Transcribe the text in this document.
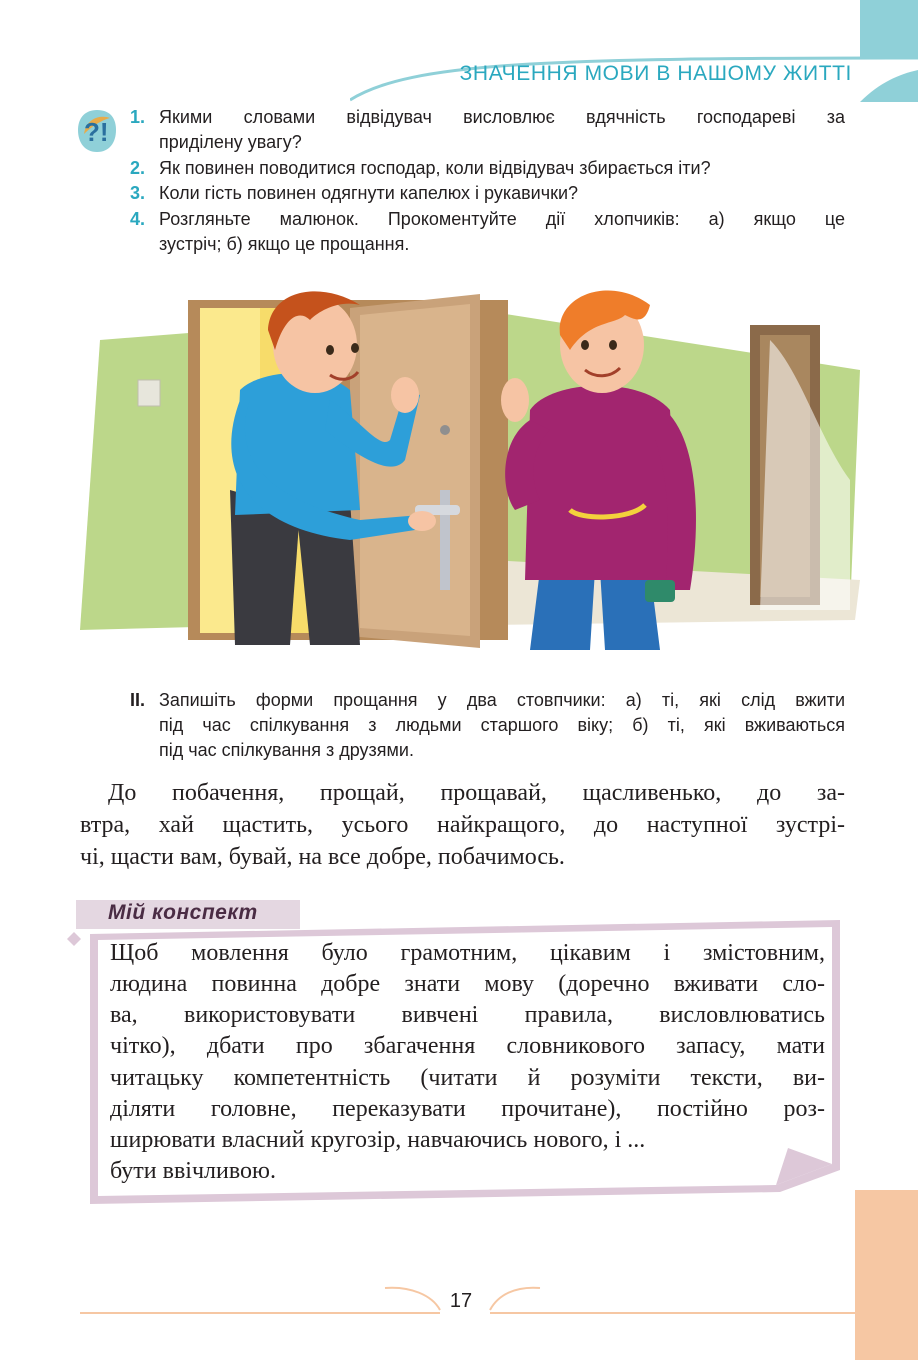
ЗНАЧЕННЯ МОВИ В НАШОМУ ЖИТТІ
?! 1. Якими словами відвідувач висловлює вдячність господареві за
приділену увагу?
2. Як повинен поводитися господар, коли відвідувач збирається іти?
3. Коли гість повинен одягнути капелюх і рукавички?
4. Розгляньте малюнок. Прокоментуйте дії хлопчиків: а) якщо це
зустріч; б) якщо це прощання.
II. Запишіть форми прощання у два стовпчики: а) ті, які слід вжити
під час спілкування з людьми старшого віку; б) ті, які вживаються
під час спілкування з друзями.
До побачення, прощай, прощавай, щасливенько, до за-
втра, хай щастить, усього найкращого, до наступної зустрі-
чі, щасти вам, бувай, на все добре, побачимось.
Мій конспект
Щоб мовлення було грамотним, цікавим і змістовним,
людина повинна добре знати мову (доречно вживати сло-
ва, використовувати вивчені правила, висловлюватись
чітко), дбати про збагачення словникового запасу, мати
читацьку компетентність (читати й розуміти тексти, ви-
діляти головне, переказувати прочитане), постійно роз-
ширювати власний кругозір, навчаючись нового, і ...
бути ввічливою.
17
